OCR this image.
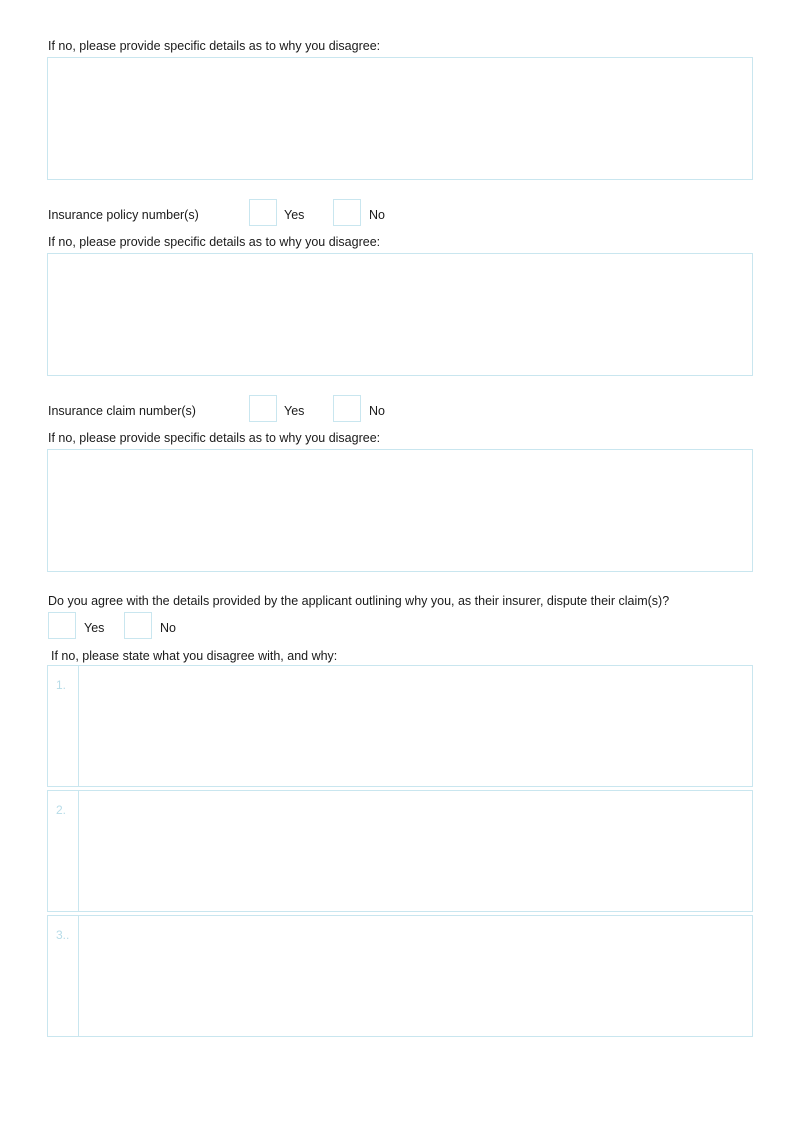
If no, please provide specific details as to why you disagree:
Insurance policy number(s)	Yes	No
If no, please provide specific details as to why you disagree:
Insurance claim number(s)	Yes	No
If no, please provide specific details as to why you disagree:
Do you agree with the details provided by the applicant outlining why you, as their insurer, dispute their claim(s)?
Yes	No
If no, please state what you disagree with, and why:
1.
2.
3..
